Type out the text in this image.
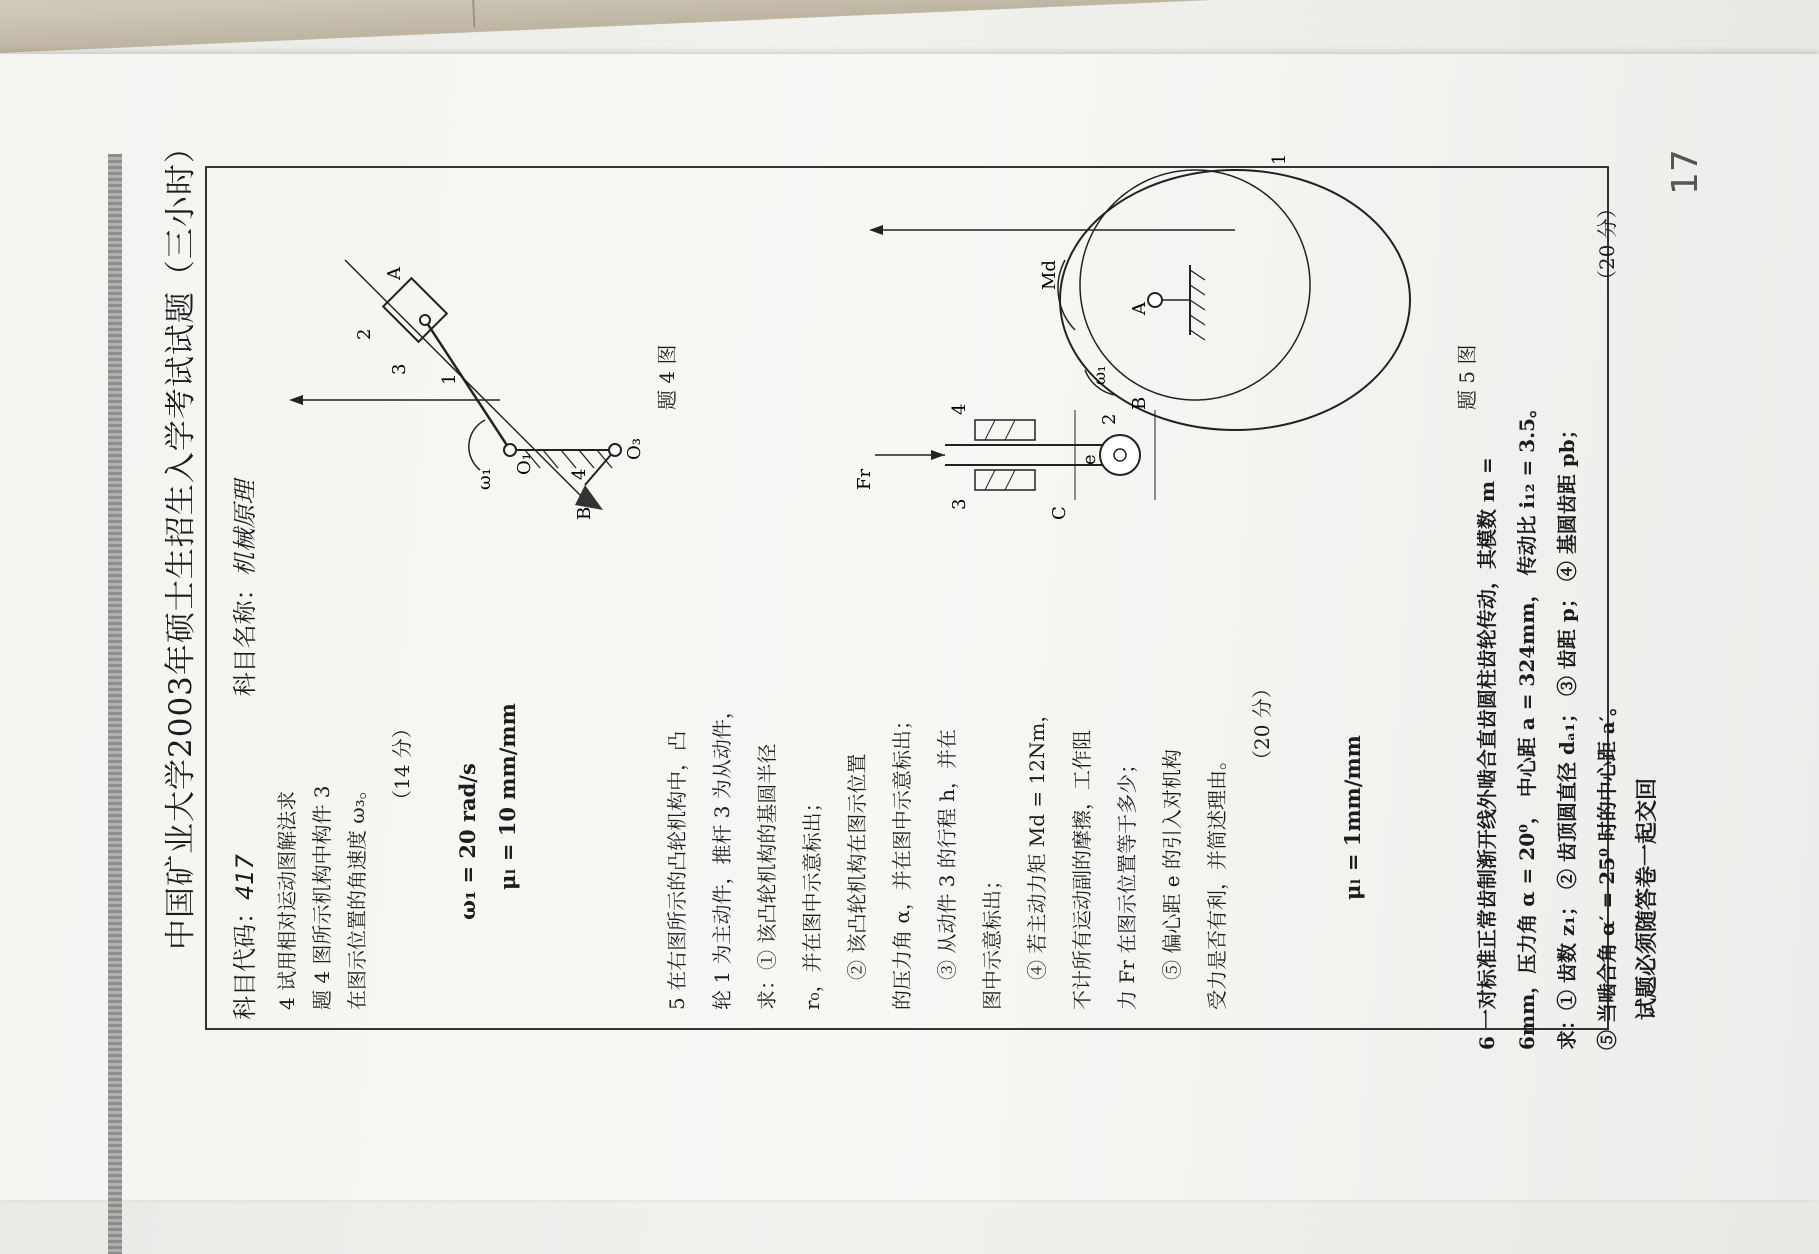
17
中国矿业大学2003年硕士生招生入学考试试题（三小时）
科目代码：417 科目名称：机械原理
4 试用相对运动图解法求 题 4 图所示机构中构件 3 在图示位置的角速度 ω₃。
（14 分） ω₁ = 20 rad/s μₗ = 10 mm/mm
ω₁
O₁
1
2
A
3
B
O₃
4
题 4 图
5 在右图所示的凸轮机构中，凸 轮 1 为主动件，推杆 3 为从动件， 求：① 该凸轮机构的基圆半径 r₀，并在图中示意标出； ② 该凸轮机构在图示位置 的压力角 α，并在图中示意标出； ③ 从动件 3 的行程 h，并在 图中示意标出； ④ 若主动力矩 Md = 12Nm， 不计所有运动副的摩擦，工作阻 力 Fr 在图示位置等于多少； ⑤ 偏心距 e 的引入对机构 受力是否有利，并简述理由。
（20 分）
μₗ = 1mm/mm
Fr
4
3
C
e
2
B
Md
ω₁
A
1
题 5 图
6 一对标准正常齿制渐开线外啮合直齿圆柱齿轮传动，其模数 m = 6mm，压力角 α = 20⁰， 中心距 a = 324mm， 传动比 i₁₂ = 3.5。 求：① 齿数 z₁； ② 齿顶圆直径 dₐ₁； ③ 齿距 p； ④ 基圆齿距 pb； ⑤ 当啮合角 α′ = 25⁰ 时的中心距 a′。
（20 分）
试题必须随答卷一起交回
